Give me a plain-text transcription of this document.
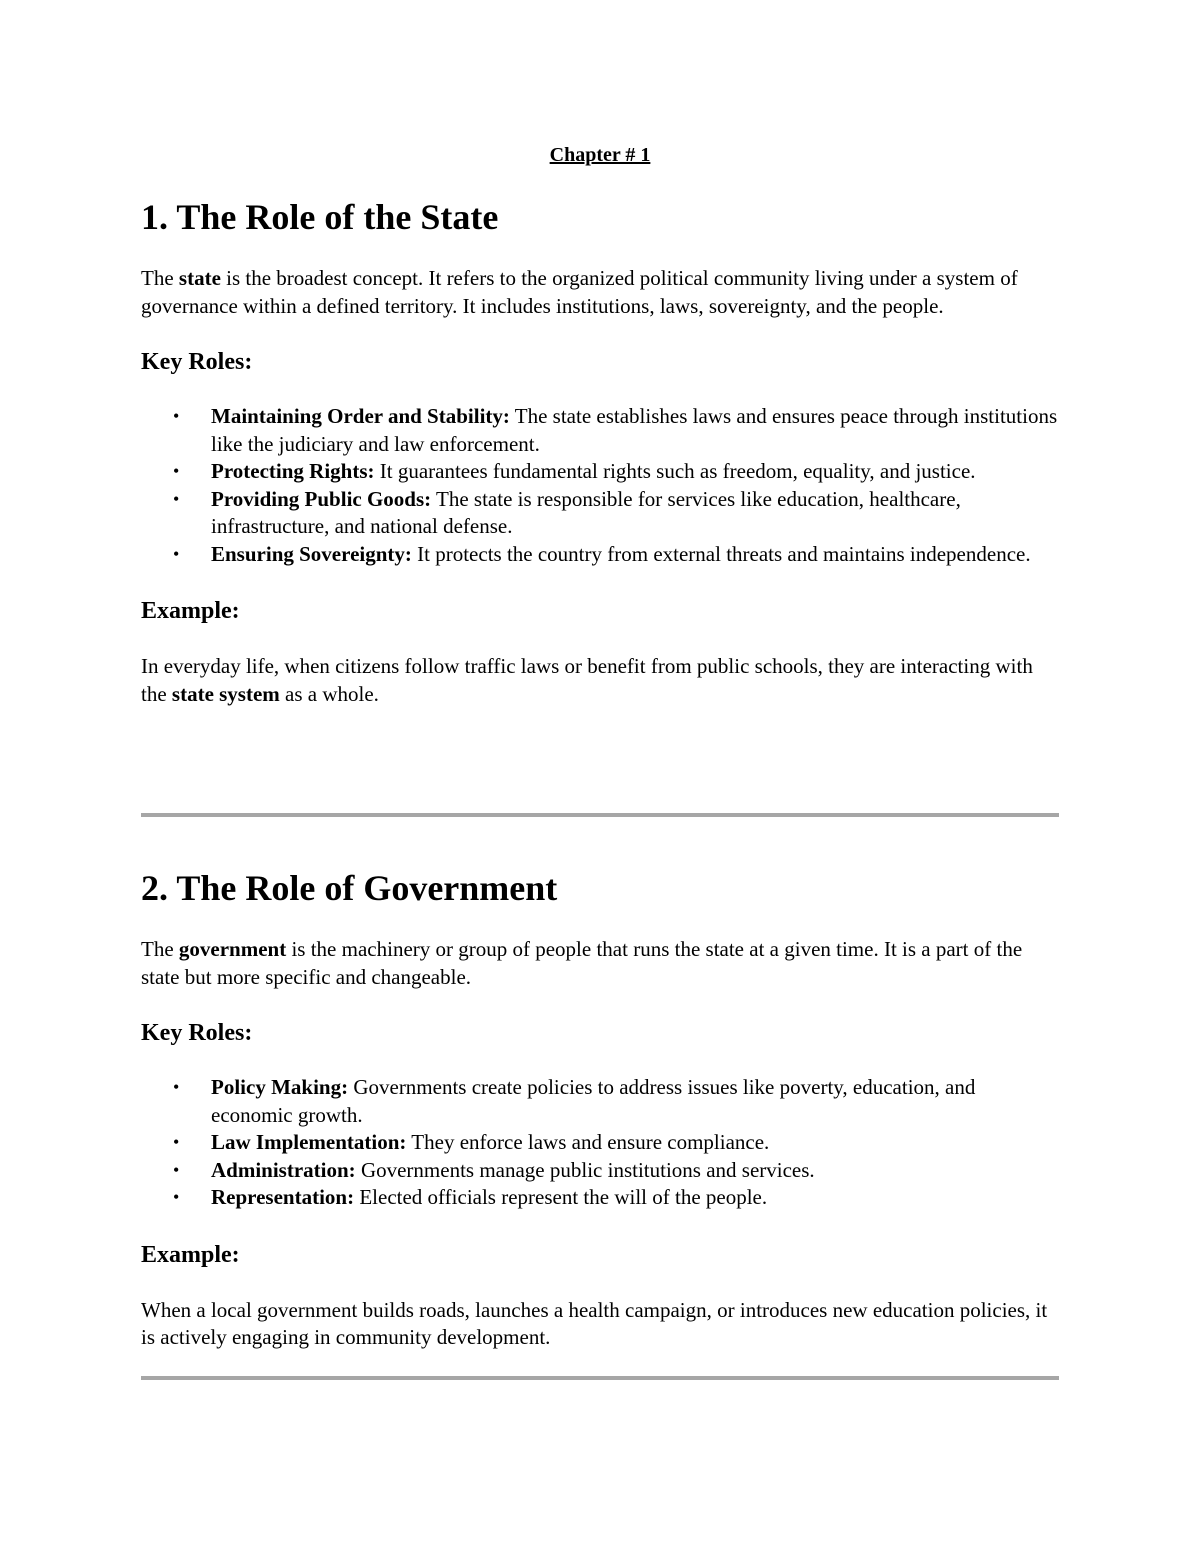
Chapter # 1
1. The Role of the State

The state is the broadest concept. It refers to the organized political community living under a system of governance within a defined territory. It includes institutions, laws, sovereignty, and the people.

Key Roles:
• Maintaining Order and Stability: The state establishes laws and ensures peace through institutions like the judiciary and law enforcement.
• Protecting Rights: It guarantees fundamental rights such as freedom, equality, and justice.
• Providing Public Goods: The state is responsible for services like education, healthcare, infrastructure, and national defense.
• Ensuring Sovereignty: It protects the country from external threats and maintains independence.
Example:

In everyday life, when citizens follow traffic laws or benefit from public schools, they are interacting with the state system as a whole.

2. The Role of Government

The government is the machinery or group of people that runs the state at a given time. It is a part of the state but more specific and changeable.

Key Roles:
• Policy Making: Governments create policies to address issues like poverty, education, and economic growth.
• Law Implementation: They enforce laws and ensure compliance.
• Administration: Governments manage public institutions and services.
• Representation: Elected officials represent the will of the people.
Example:

When a local government builds roads, launches a health campaign, or introduces new education policies, it is actively engaging in community development.
